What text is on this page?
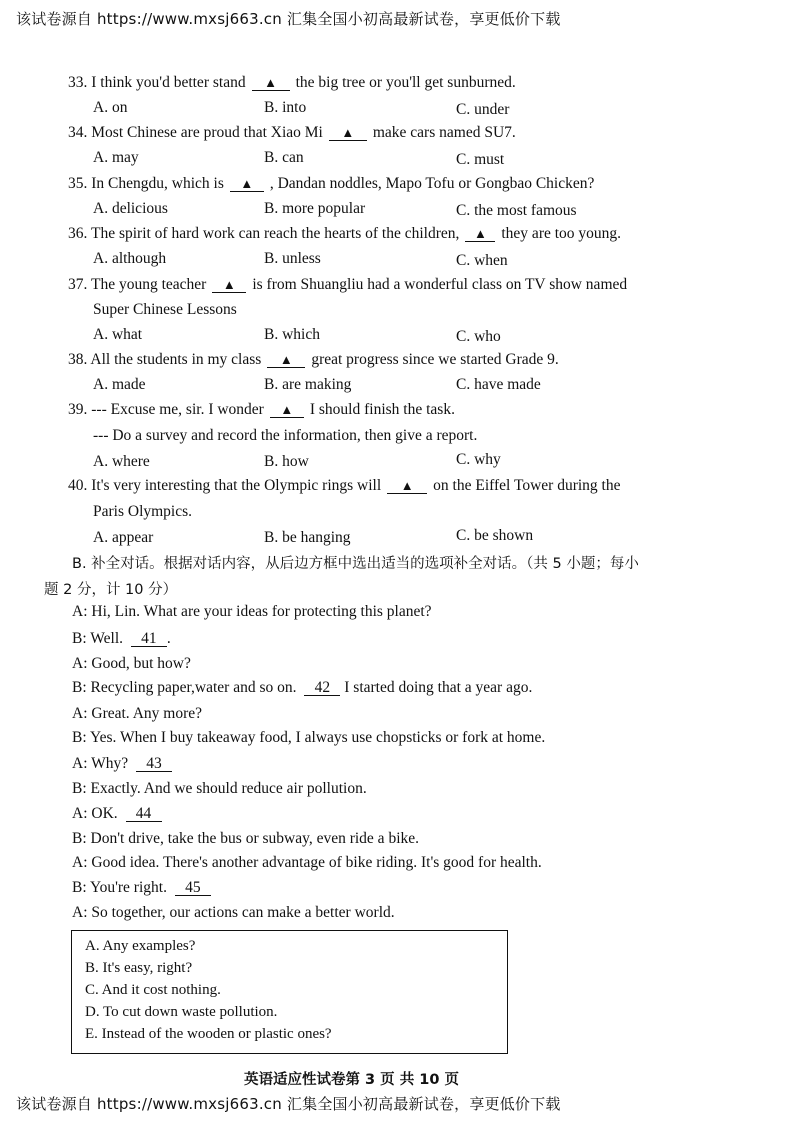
该试卷源自 https://www.mxsj663.cn 汇集全国小初高最新试卷，享更低价下载
33. I think you'd better stand ▲ the big tree or you'll get sunburned.
A. on	B. into	C. under
34. Most Chinese are proud that Xiao Mi ▲ make cars named SU7.
A. may	B. can	C. must
35. In Chengdu, which is ▲ , Dandan noddles, Mapo Tofu or Gongbao Chicken?
A. delicious	B. more popular	C. the most famous
36. The spirit of hard work can reach the hearts of the children, ▲ they are too young.
A. although	B. unless	C. when
37. The young teacher ▲ is from Shuangliu had a wonderful class on TV show named
Super Chinese Lessons
A. what	B. which	C. who
38. All the students in my class ▲ great progress since we started Grade 9.
A. made	B. are making	C. have made
39. --- Excuse me, sir. I wonder ▲ I should finish the task.
--- Do a survey and record the information, then give a report.
A. where	B. how	C. why
40. It's very interesting that the Olympic rings will ▲ on the Eiffel Tower during the
Paris Olympics.
A. appear	B. be hanging	C. be shown
B. 补全对话。根据对话内容，从后边方框中选出适当的选项补全对话。（共 5 小题；每小
题 2 分，计 10 分）
A: Hi, Lin. What are your ideas for protecting this planet?
B: Well. 41 .
A: Good, but how?
B: Recycling paper,water and so on. 42 I started doing that a year ago.
A: Great. Any more?
B: Yes. When I buy takeaway food, I always use chopsticks or fork at home.
A: Why? 43
B: Exactly. And we should reduce air pollution.
A: OK. 44
B: Don't drive, take the bus or subway, even ride a bike.
A: Good idea. There's another advantage of bike riding. It's good for health.
B: You're right. 45
A: So together, our actions can make a better world.
A. Any examples?
B. It's easy, right?
C. And it cost nothing.
D. To cut down waste pollution.
E. Instead of the wooden or plastic ones?
英语适应性试卷第 3 页 共 10 页
该试卷源自 https://www.mxsj663.cn 汇集全国小初高最新试卷，享更低价下载
